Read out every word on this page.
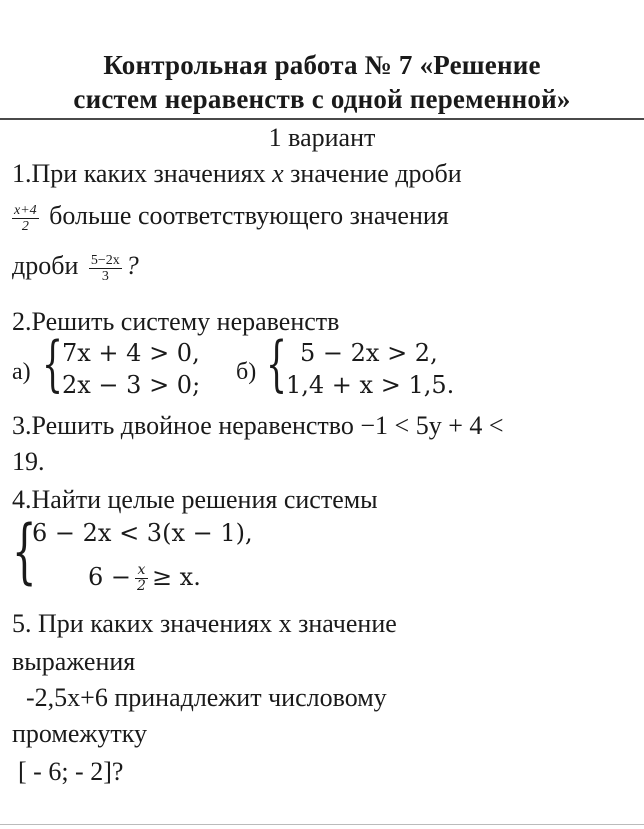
Контрольная работа № 7 «Решение
систем неравенств с одной переменной»
1 вариант
1.При каких значениях x значение дроби
$\frac{x+4}{2}$ больше соответствующего значения
дроби $\frac{5-2x}{3}$ ?
2.Решить систему неравенств
а) {
7x + 4 > 0,
2x − 3 > 0; б) { 5 − 2x > 2,
1,4 + x > 1,5.
3.Решить двойное неравенство −1 < 5y + 4 <
19.
4.Найти целые решения системы
{
6 − 2x < 3(x − 1),
$6 - \frac{x}{2} \ge x$.
5. При каких значениях x значение
выражения
-2,5x+6 принадлежит числовому
промежутку
[ - 6; - 2]?
